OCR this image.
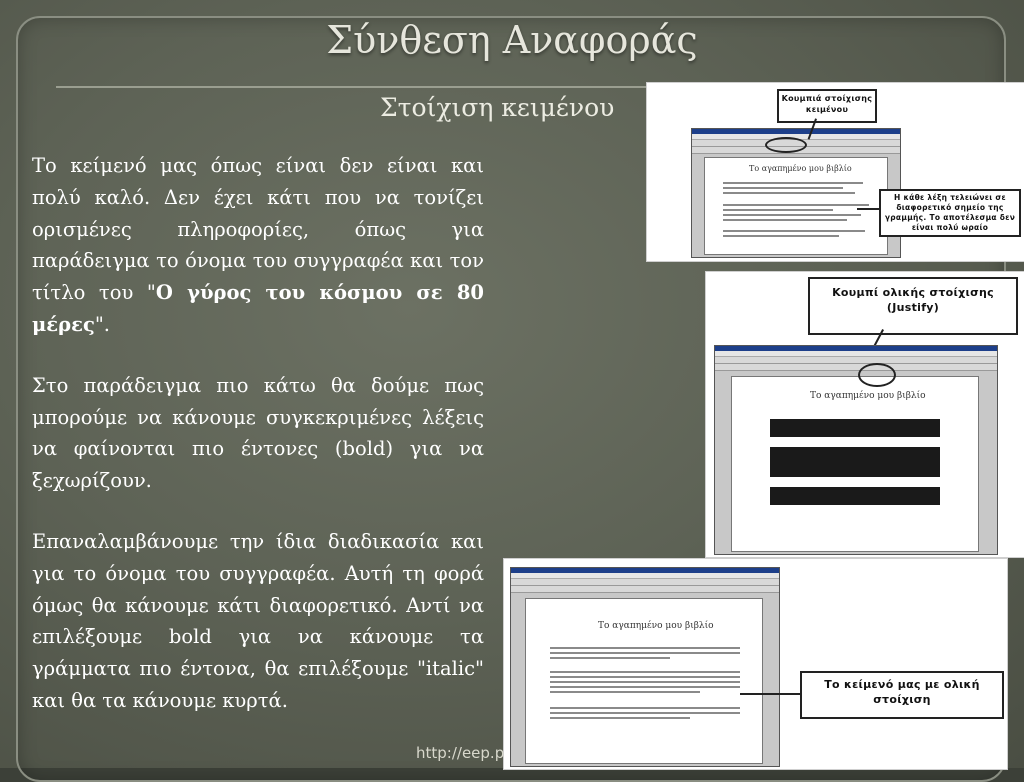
Σύνθεση Αναφοράς
Στοίχιση κειμένου

Το κείμενό μας όπως είναι δεν είναι και πολύ καλό. Δεν έχει κάτι που να τονίζει ορισμένες πληροφορίες, όπως για παράδειγμα το όνομα του συγγραφέα και τον τίτλο του "Ο γύρος του κόσμου σε 80 μέρες".

Στο παράδειγμα πιο κάτω θα δούμε πως μπορούμε να κάνουμε συγκεκριμένες λέξεις να φαίνονται πιο έντονες (bold) για να ξεχωρίζουν.

Επαναλαμβάνουμε την ίδια διαδικασία και για το όνομα του συγγραφέα. Αυτή τη φορά όμως θα κάνουμε κάτι διαφορετικό. Αντί να επιλέξουμε bold για να κάνουμε τα γράμματα πιο έντονα, θα επιλέξουμε "italic" και θα τα κάνουμε κυρτά.

Το αγαπημένο μου βιβλίο
Κουμπιά στοίχισης κειμένου
Η κάθε λέξη τελειώνει σε διαφορετικό σημείο της γραμμής. Το αποτέλεσμα δεν είναι πολύ ωραίο
Κουμπί ολικής στοίχισης (Justify)
Το αγαπημένο μου βιβλίο
Το αγαπημένο μου βιβλίο
Το κείμενό μας με ολική στοίχιση
http://eep.p
